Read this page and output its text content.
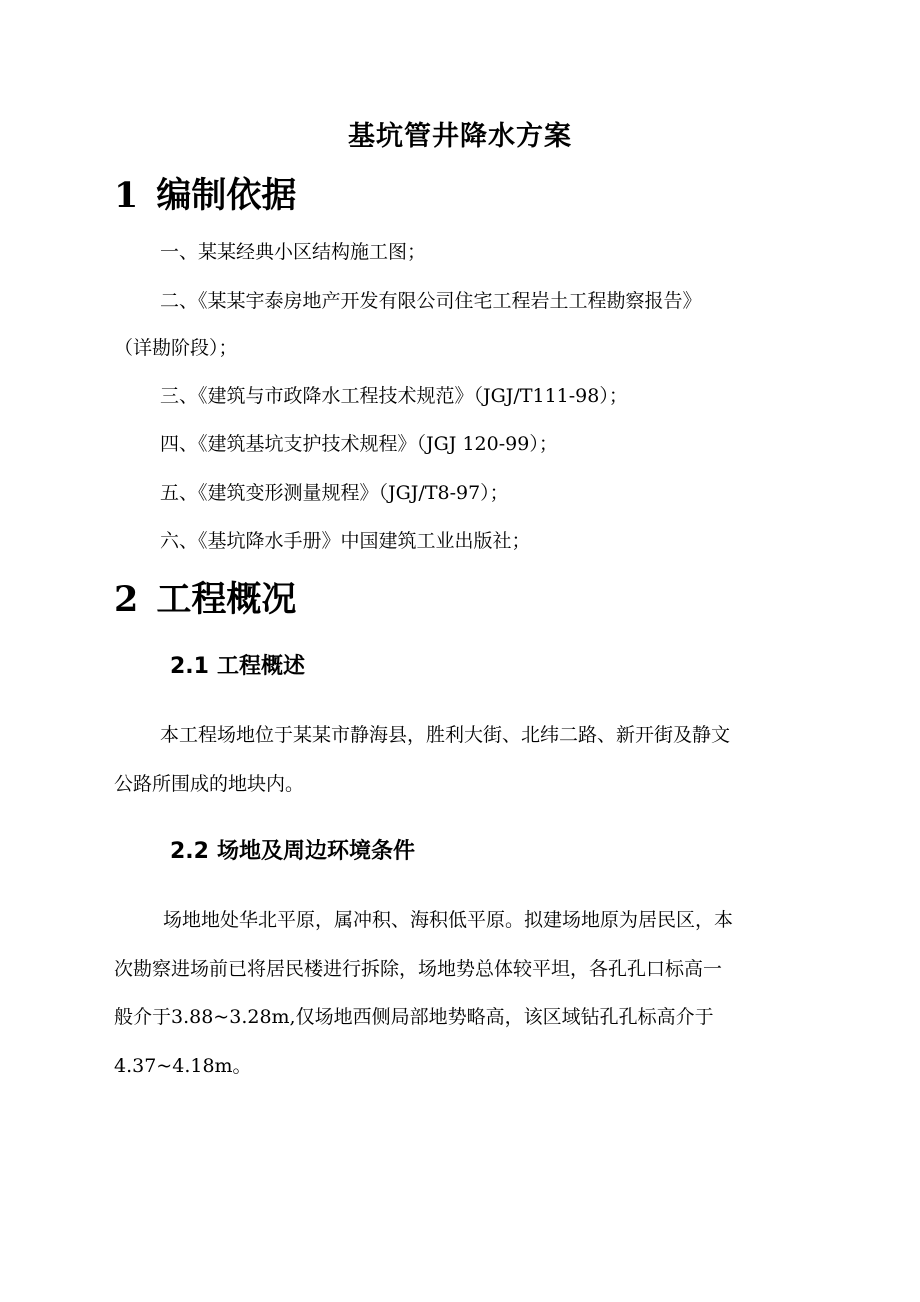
基坑管井降水方案
1 编制依据
一、某某经典小区结构施工图；
二、《某某宇泰房地产开发有限公司住宅工程岩土工程勘察报告》
（详勘阶段）；
三、《建筑与市政降水工程技术规范》（JGJ/T111-98）；
四、《建筑基坑支护技术规程》（JGJ 120-99）；
五、《建筑变形测量规程》（JGJ/T8-97）；
六、《基坑降水手册》中国建筑工业出版社；
2 工程概况
2.1 工程概述
本工程场地位于某某市静海县，胜利大街、北纬二路、新开街及静文
公路所围成的地块内。
2.2 场地及周边环境条件
场地地处华北平原，属冲积、海积低平原。拟建场地原为居民区，本
次勘察进场前已将居民楼进行拆除，场地势总体较平坦，各孔孔口标高一
般介于3.88~3.28m,仅场地西侧局部地势略高，该区域钻孔孔标高介于
4.37~4.18m。
